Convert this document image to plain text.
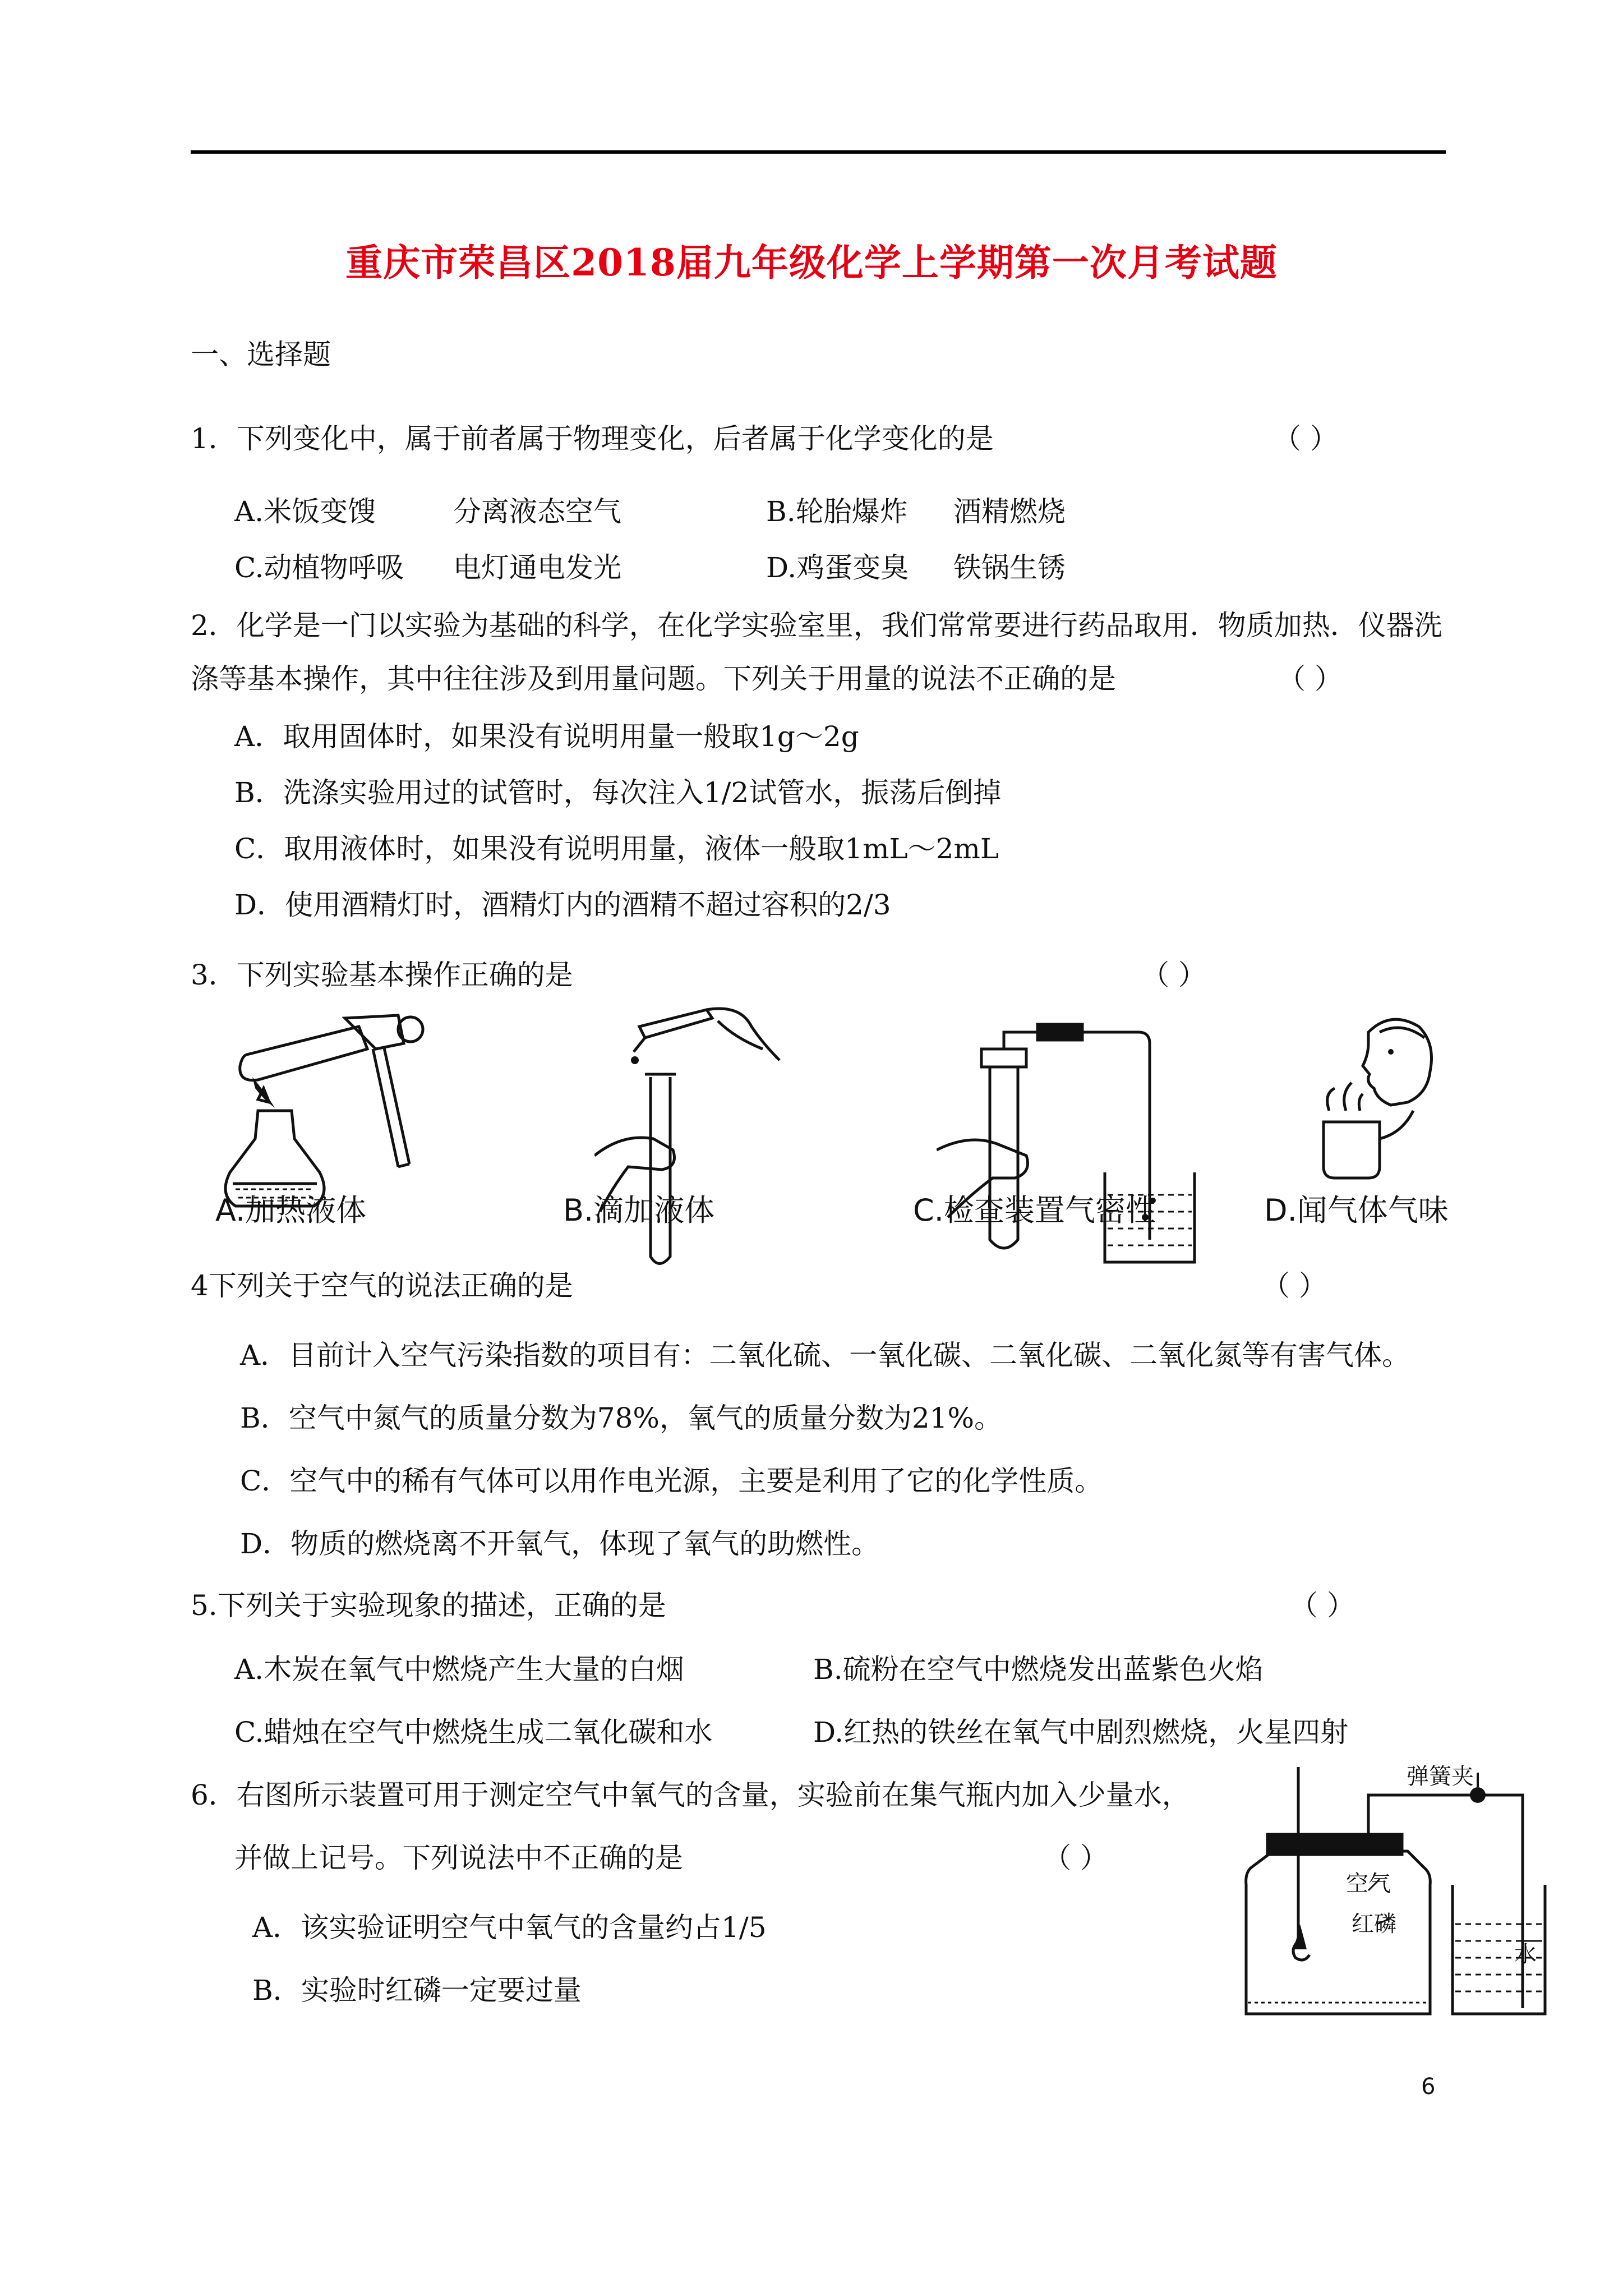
重庆市荣昌区2018届九年级化学上学期第一次月考试题
一、选择题
1．下列变化中，属于前者属于物理变化，后者属于化学变化的是	（ ）
A.米饭变馊	分离液态空气	B.轮胎爆炸 酒精燃烧
C.动植物呼吸 电灯通电发光	D.鸡蛋变臭 铁锅生锈
2．化学是一门以实验为基础的科学，在化学实验室里，我们常常要进行药品取用．物质加热．仪器洗
涤等基本操作，其中往往涉及到用量问题。下列关于用量的说法不正确的是	（ ）
A．取用固体时，如果没有说明用量一般取1g～2g
B．洗涤实验用过的试管时，每次注入1/2试管水，振荡后倒掉
C．取用液体时，如果没有说明用量，液体一般取1mL～2mL
D．使用酒精灯时，酒精灯内的酒精不超过容积的2/3
3．下列实验基本操作正确的是	（ ）
A.加热液体	B.滴加液体	C.检查装置气密性	D.闻气体气味
4下列关于空气的说法正确的是	（ ）
A．目前计入空气污染指数的项目有：二氧化硫、一氧化碳、二氧化碳、二氧化氮等有害气体。
B．空气中氮气的质量分数为78%，氧气的质量分数为21%。
C．空气中的稀有气体可以用作电光源，主要是利用了它的化学性质。
D．物质的燃烧离不开氧气，体现了氧气的助燃性。
5.下列关于实验现象的描述，正确的是	（ ）
A.木炭在氧气中燃烧产生大量的白烟	B.硫粉在空气中燃烧发出蓝紫色火焰
C.蜡烛在空气中燃烧生成二氧化碳和水	D.红热的铁丝在氧气中剧烈燃烧，火星四射
6．右图所示装置可用于测定空气中氧气的含量，实验前在集气瓶内加入少量水，
并做上记号。下列说法中不正确的是	（ ）
A．该实验证明空气中氧气的含量约占1/5
B．实验时红磷一定要过量
弹簧夹
空气
红磷
水
6
